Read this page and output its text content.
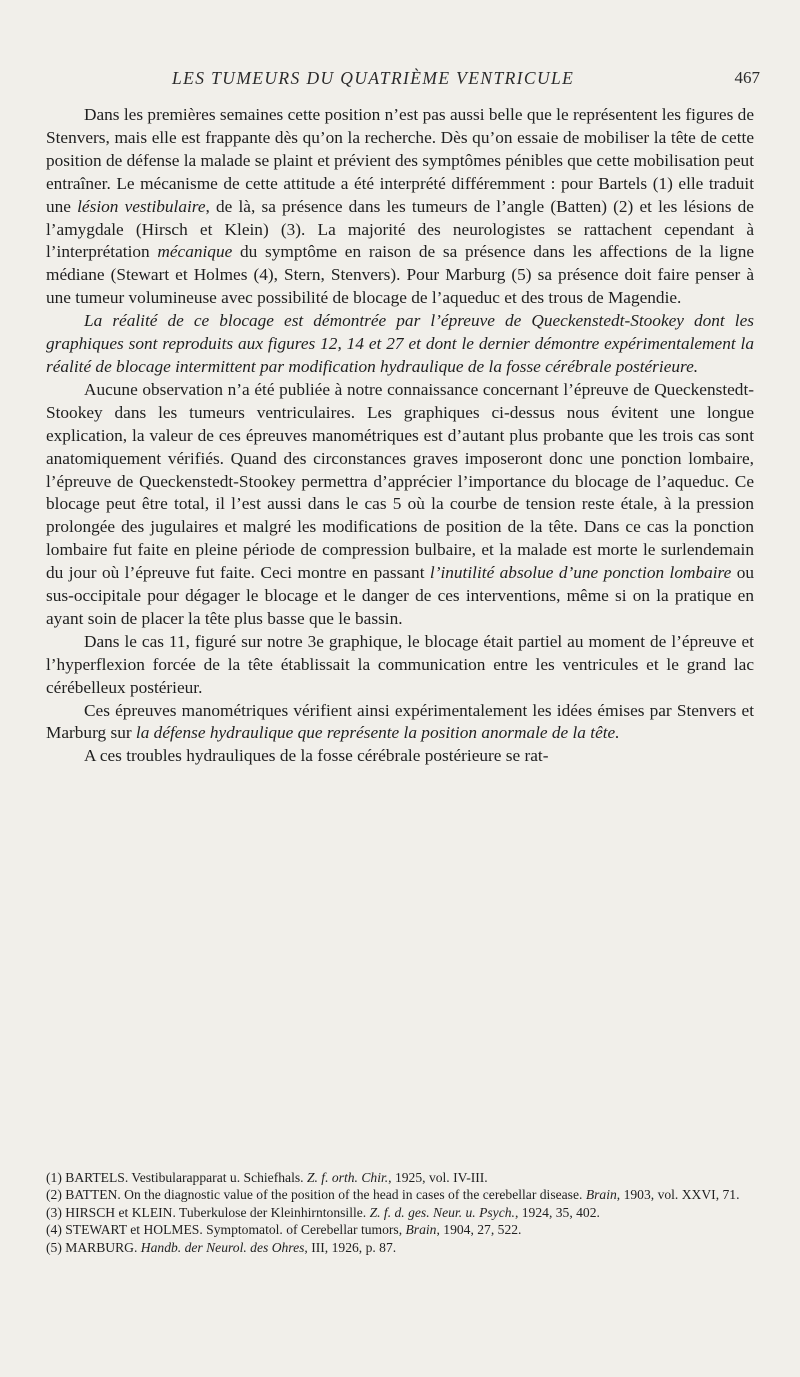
LES TUMEURS DU QUATRIÈME VENTRICULE	467

Dans les premières semaines cette position n’est pas aussi belle que le représentent les figures de Stenvers, mais elle est frappante dès qu’on la recherche. Dès qu’on essaie de mobiliser la tête de cette position de défense la malade se plaint et prévient des symptômes pénibles que cette mobilisation peut entraîner. Le mécanisme de cette attitude a été interprété différemment : pour Bartels (1) elle traduit une lésion vestibulaire, de là, sa présence dans les tumeurs de l’angle (Batten) (2) et les lésions de l’amygdale (Hirsch et Klein) (3). La majorité des neurologistes se rattachent cependant à l’interprétation mécanique du symptôme en raison de sa présence dans les affections de la ligne médiane (Stewart et Holmes (4), Stern, Stenvers). Pour Marburg (5) sa présence doit faire penser à une tumeur volumineuse avec possibilité de blocage de l’aqueduc et des trous de Magendie.

La réalité de ce blocage est démontrée par l’épreuve de Queckenstedt-Stookey dont les graphiques sont reproduits aux figures 12, 14 et 27 et dont le dernier démontre expérimentalement la réalité de blocage intermittent par modification hydraulique de la fosse cérébrale postérieure.

Aucune observation n’a été publiée à notre connaissance concernant l’épreuve de Queckenstedt-Stookey dans les tumeurs ventriculaires. Les graphiques ci-dessus nous évitent une longue explication, la valeur de ces épreuves manométriques est d’autant plus probante que les trois cas sont anatomiquement vérifiés. Quand des circonstances graves imposeront donc une ponction lombaire, l’épreuve de Queckenstedt-Stookey permettra d’apprécier l’importance du blocage de l’aqueduc. Ce blocage peut être total, il l’est aussi dans le cas 5 où la courbe de tension reste étale, à la pression prolongée des jugulaires et malgré les modifications de position de la tête. Dans ce cas la ponction lombaire fut faite en pleine période de compression bulbaire, et la malade est morte le surlendemain du jour où l’épreuve fut faite. Ceci montre en passant l’inutilité absolue d’une ponction lombaire ou sus-occipitale pour dégager le blocage et le danger de ces interventions, même si on la pratique en ayant soin de placer la tête plus basse que le bassin.

Dans le cas 11, figuré sur notre 3e graphique, le blocage était partiel au moment de l’épreuve et l’hyperflexion forcée de la tête établissait la communication entre les ventricules et le grand lac cérébelleux postérieur.

Ces épreuves manométriques vérifient ainsi expérimentalement les idées émises par Stenvers et Marburg sur la défense hydraulique que représente la position anormale de la tête.

A ces troubles hydrauliques de la fosse cérébrale postérieure se rat-

(1) BARTELS. Vestibularapparat u. Schiefhals. Z. f. orth. Chir., 1925, vol. IV-III.

(2) BATTEN. On the diagnostic value of the position of the head in cases of the cerebellar disease. Brain, 1903, vol. XXVI, 71.

(3) HIRSCH et KLEIN. Tuberkulose der Kleinhirntonsille. Z. f. d. ges. Neur. u. Psych., 1924, 35, 402.

(4) STEWART et HOLMES. Symptomatol. of Cerebellar tumors, Brain, 1904, 27, 522.

(5) MARBURG. Handb. der Neurol. des Ohres, III, 1926, p. 87.
